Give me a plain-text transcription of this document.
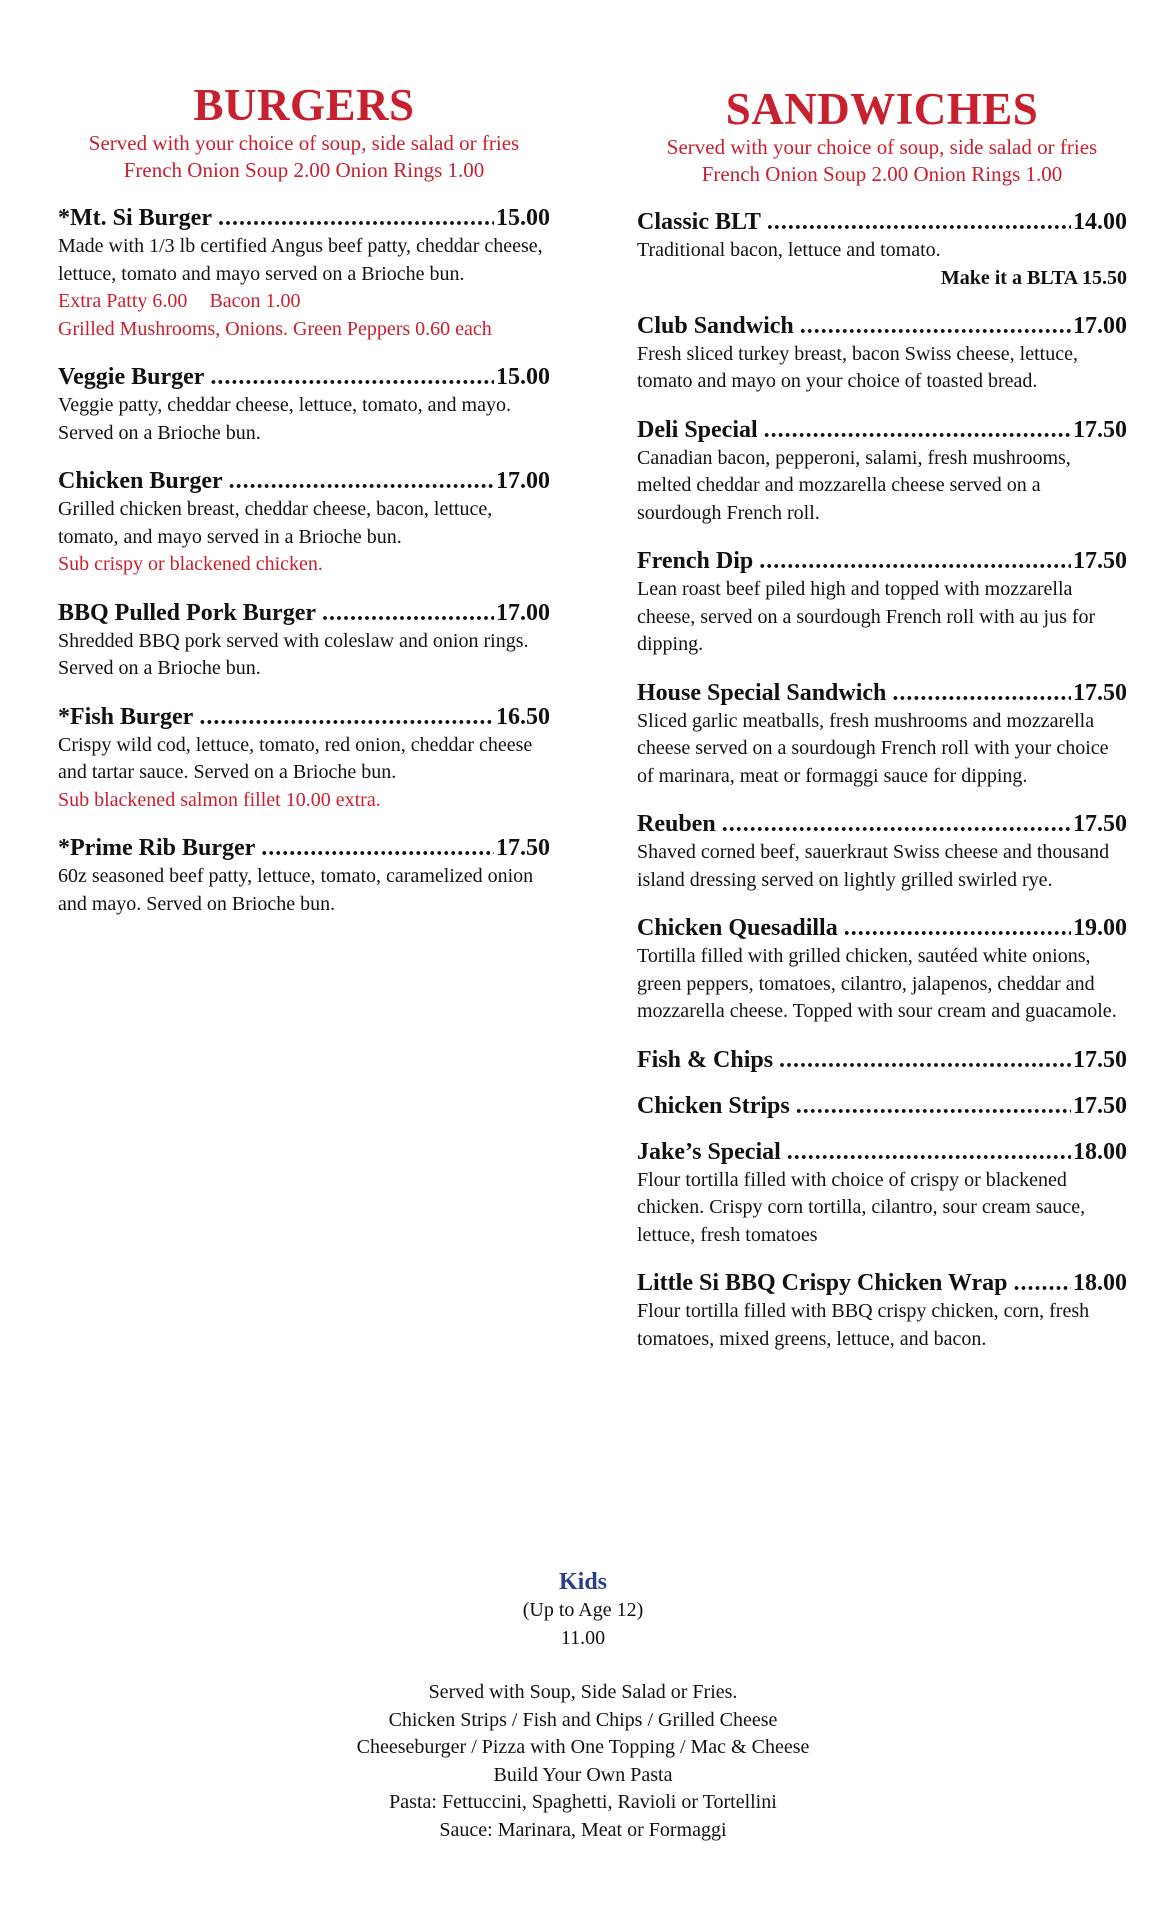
BURGERS
Served with your choice of soup, side salad or fries
French Onion Soup 2.00 Onion Rings 1.00
*Mt. Si Burger .....	15.00
Made with 1/3 lb certified Angus beef patty, cheddar cheese, lettuce, tomato and mayo served on a Brioche bun.
Extra Patty 6.00 Bacon 1.00
Grilled Mushrooms, Onions. Green Peppers 0.60 each
Veggie Burger .....	15.00
Veggie patty, cheddar cheese, lettuce, tomato, and mayo. Served on a Brioche bun.
Chicken Burger .....	17.00
Grilled chicken breast, cheddar cheese, bacon, lettuce, tomato, and mayo served in a Brioche bun.
Sub crispy or blackened chicken.
BBQ Pulled Pork Burger .....	17.00
Shredded BBQ pork served with coleslaw and onion rings. Served on a Brioche bun.
*Fish Burger .....	16.50
Crispy wild cod, lettuce, tomato, red onion, cheddar cheese and tartar sauce. Served on a Brioche bun.
Sub blackened salmon fillet 10.00 extra.
*Prime Rib Burger .....	17.50
60z seasoned beef patty, lettuce, tomato, caramelized onion and mayo. Served on Brioche bun.
SANDWICHES
Served with your choice of soup, side salad or fries
French Onion Soup 2.00 Onion Rings 1.00
Classic BLT .....	14.00
Traditional bacon, lettuce and tomato.
Make it a BLTA 15.50
Club Sandwich .....	17.00
Fresh sliced turkey breast, bacon Swiss cheese, lettuce, tomato and mayo on your choice of toasted bread.
Deli Special .....	17.50
Canadian bacon, pepperoni, salami, fresh mushrooms, melted cheddar and mozzarella cheese served on a sourdough French roll.
French Dip .....	17.50
Lean roast beef piled high and topped with mozzarella cheese, served on a sourdough French roll with au jus for dipping.
House Special Sandwich .....	17.50
Sliced garlic meatballs, fresh mushrooms and mozzarella cheese served on a sourdough French roll with your choice of marinara, meat or formaggi sauce for dipping.
Reuben .....	17.50
Shaved corned beef, sauerkraut Swiss cheese and thousand island dressing served on lightly grilled swirled rye.
Chicken Quesadilla .....	19.00
Tortilla filled with grilled chicken, sautéed white onions, green peppers, tomatoes, cilantro, jalapenos, cheddar and mozzarella cheese. Topped with sour cream and guacamole.
Fish & Chips .....	17.50
Chicken Strips .....	17.50
Jake’s Special .....	18.00
Flour tortilla filled with choice of crispy or blackened chicken. Crispy corn tortilla, cilantro, sour cream sauce, lettuce, fresh tomatoes
Little Si BBQ Crispy Chicken Wrap .....	18.00
Flour tortilla filled with BBQ crispy chicken, corn, fresh tomatoes, mixed greens, lettuce, and bacon.
Kids
(Up to Age 12)
11.00
Served with Soup, Side Salad or Fries.
Chicken Strips / Fish and Chips / Grilled Cheese
Cheeseburger / Pizza with One Topping / Mac & Cheese
Build Your Own Pasta
Pasta: Fettuccini, Spaghetti, Ravioli or Tortellini
Sauce: Marinara, Meat or Formaggi
